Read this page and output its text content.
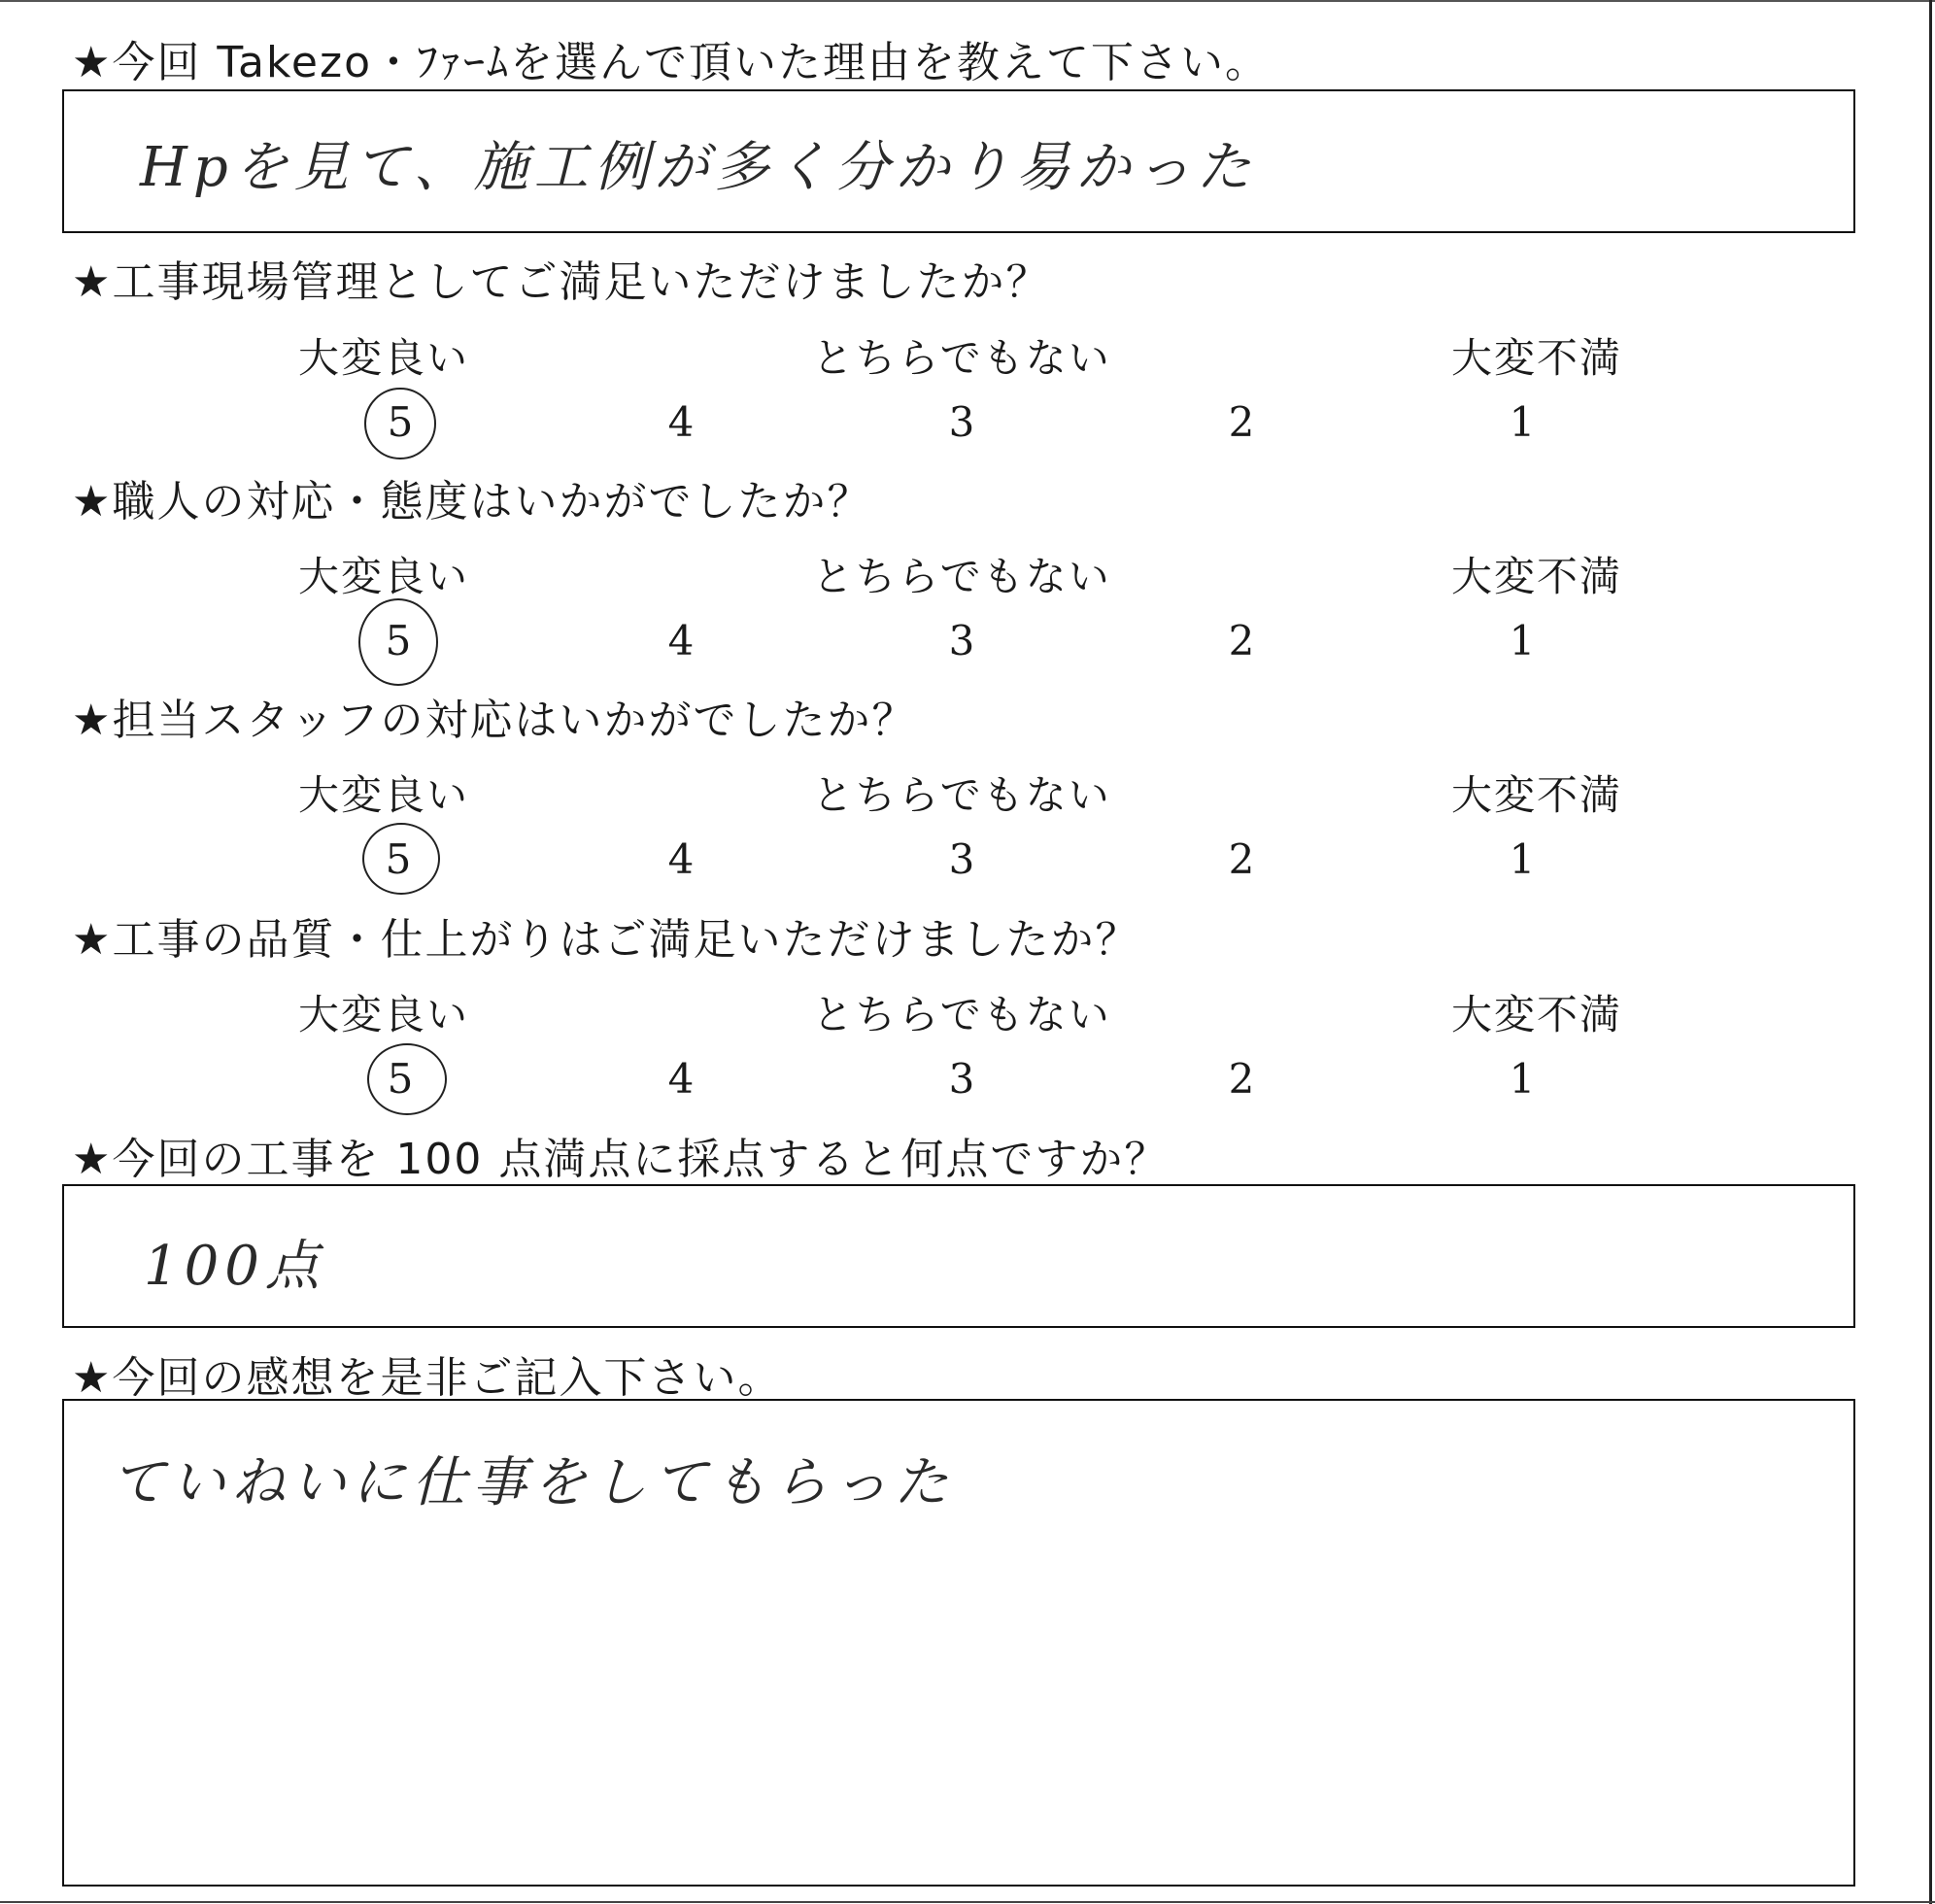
★今回 Takezo・ﾌｧｰﾑを選んで頂いた理由を教えて下さい。
Hpを見て、施工例が多く分かり易かった
★工事現場管理としてご満足いただけましたか？
大変良い	とちらでもない	大変不満
5	4	3	2	1
★職人の対応・態度はいかがでしたか？
大変良い	とちらでもない	大変不満
5	4	3	2	1
★担当スタッフの対応はいかがでしたか？
大変良い	とちらでもない	大変不満
5	4	3	2	1
★工事の品質・仕上がりはご満足いただけましたか？
大変良い	とちらでもない	大変不満
5	4	3	2	1
★今回の工事を 100 点満点に採点すると何点ですか？
100点
★今回の感想を是非ご記入下さい。
ていねいに仕事をしてもらった
